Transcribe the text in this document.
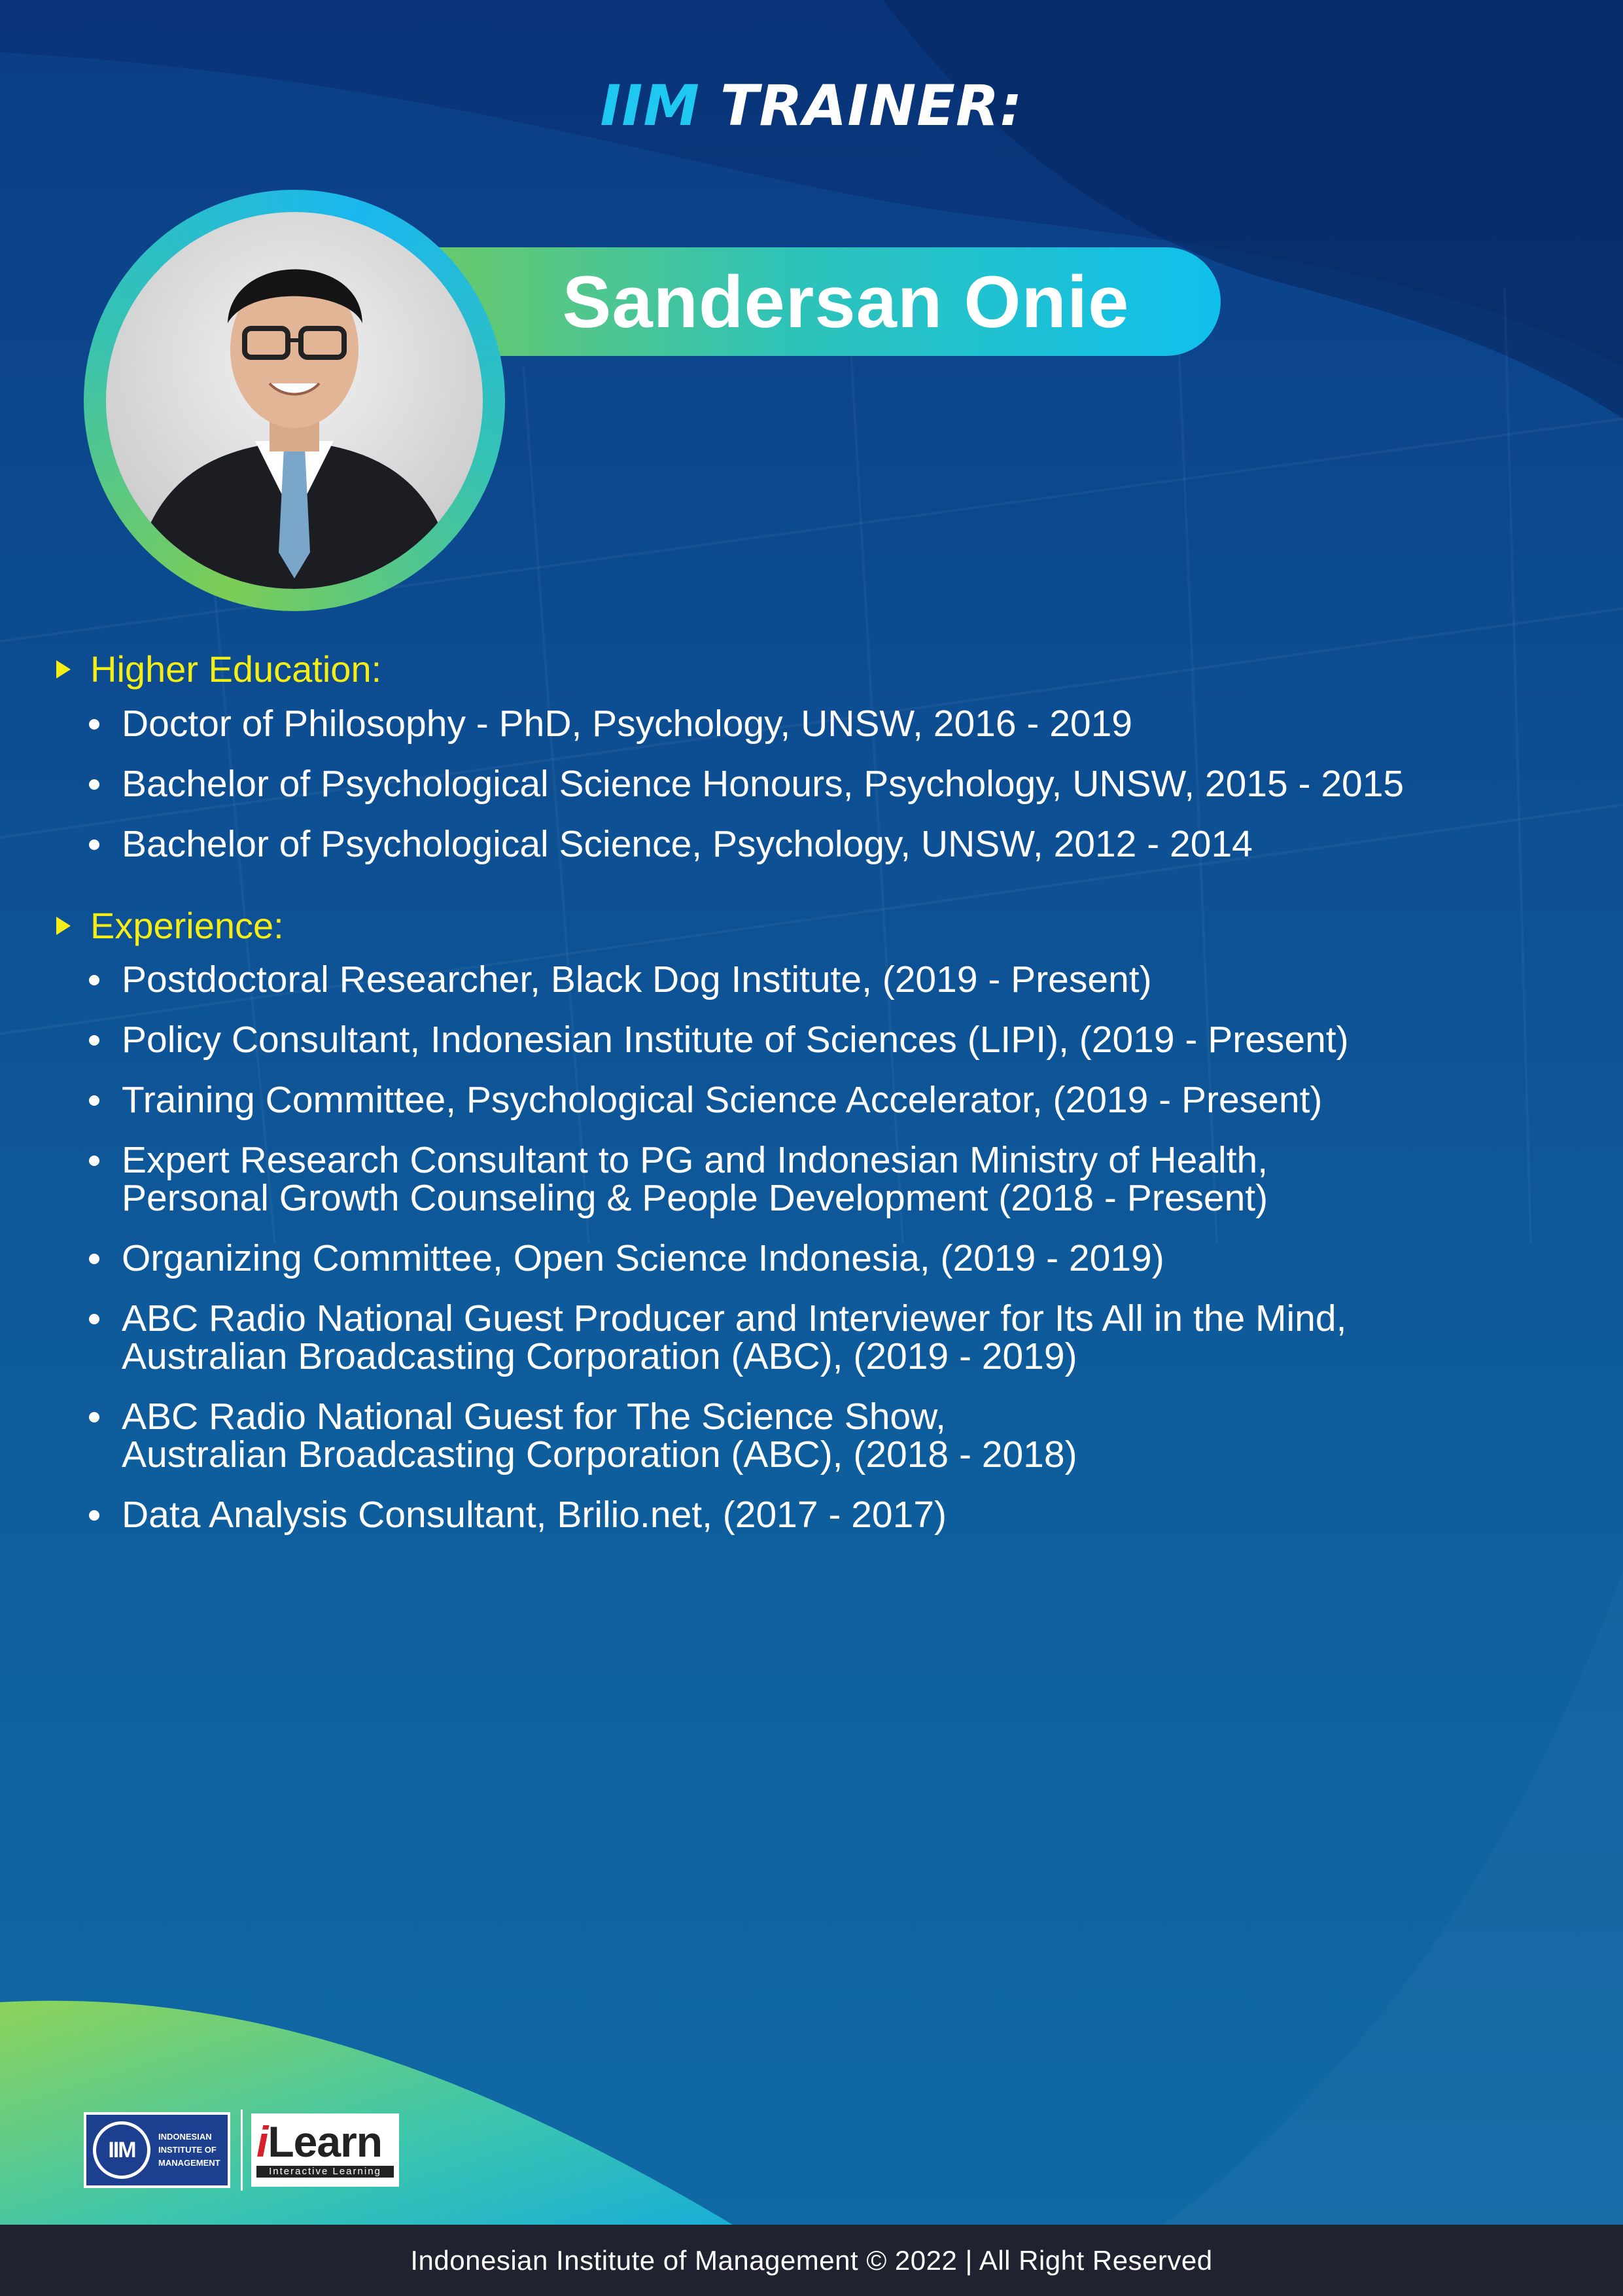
IIM TRAINER:
Sandersan Onie
Higher Education:
Doctor of Philosophy - PhD, Psychology, UNSW, 2016 - 2019
Bachelor of Psychological Science Honours, Psychology, UNSW, 2015 - 2015
Bachelor of Psychological Science, Psychology, UNSW, 2012 - 2014
Experience:
Postdoctoral Researcher, Black Dog Institute, (2019 - Present)
Policy Consultant, Indonesian Institute of Sciences (LIPI), (2019 - Present)
Training Committee, Psychological Science Accelerator, (2019 - Present)
Expert Research Consultant to PG and Indonesian Ministry of Health,
Personal Growth Counseling & People Development (2018 - Present)
Organizing Committee, Open Science Indonesia, (2019 - 2019)
ABC Radio National Guest Producer and Interviewer for Its All in the Mind,
Australian Broadcasting Corporation (ABC), (2019 - 2019)
ABC Radio National Guest for The Science Show,
Australian Broadcasting Corporation (ABC), (2018 - 2018)
Data Analysis Consultant, Brilio.net, (2017 - 2017)
IIM
INDONESIAN
INSTITUTE OF
MANAGEMENT iLearn
Interactive Learning
Indonesian Institute of Management © 2022 | All Right Reserved
